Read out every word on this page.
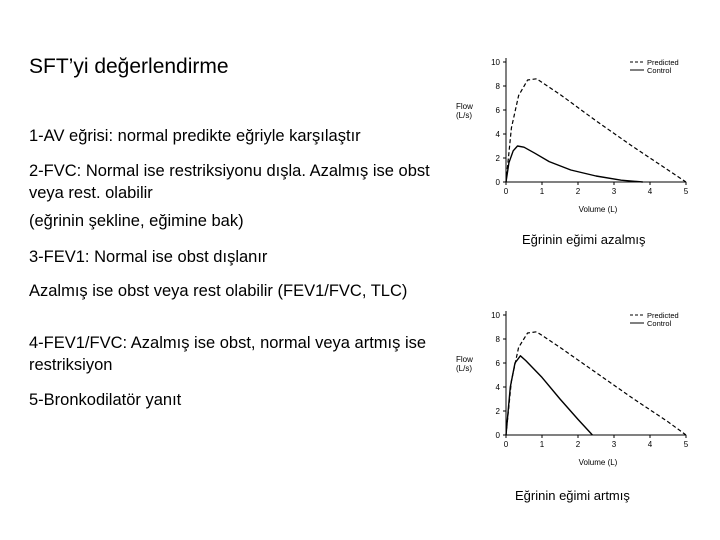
SFT’yi değerlendirme
1-AV eğrisi: normal predikte eğriyle karşılaştır
2-FVC: Normal ise restriksiyonu dışla. Azalmış ise obst veya rest. olabilir
(eğrinin şekline, eğimine bak)
3-FEV1: Normal ise obst dışlanır
Azalmış ise obst veya rest olabilir (FEV1/FVC, TLC)
4-FEV1/FVC: Azalmış ise obst, normal veya artmış ise restriksiyon
5-Bronkodilatör yanıt
0
2
4
6
8
10
0	1	2	3	4	5
Flow
(L/s)
Volume (L)
Predicted
Control
Eğrinin eğimi azalmış
0
2
4
6
8
10
0	1	2	3	4	5
Flow
(L/s)
Volume (L)
Predicted
Control
Eğrinin eğimi artmış
